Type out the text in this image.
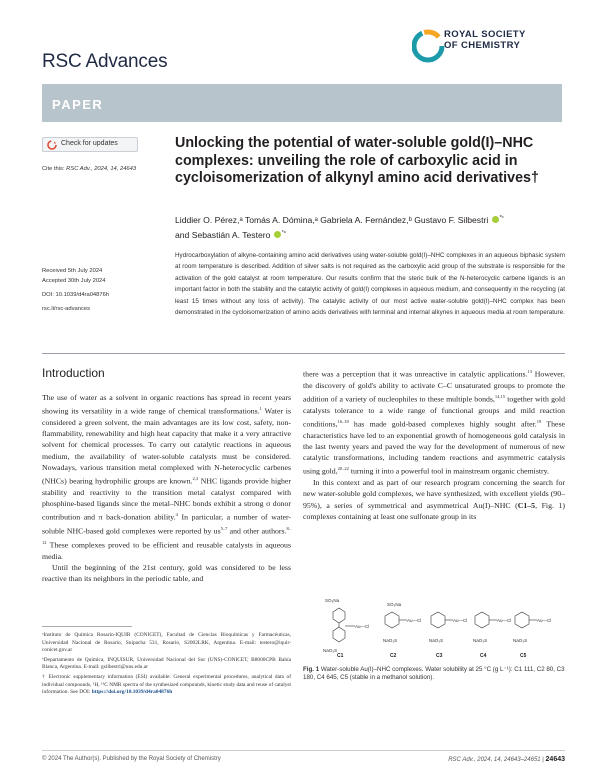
RSC Advances
ROYAL SOCIETY
OF CHEMISTRY
PAPER
Check for updates
Cite this: RSC Adv., 2024, 14, 24643
Unlocking the potential of water-soluble gold(I)–NHC complexes: unveiling the role of carboxylic acid in cycloisomerization of alkynyl amino acid derivatives†
Liddier O. Pérez,ᵃ Tomás A. Dómina,ᵃ Gabriela A. Fernández,ᵇ Gustavo F. Silbestri $^{*ᵇ}$
and Sebastián A. Testero $^{*ᵃ}$
Hydrocarboxylation of alkyne-containing amino acid derivatives using water-soluble gold(I)–NHC complexes in an aqueous biphasic system at room temperature is described. Addition of silver salts is not required as the carboxylic acid group of the substrate is responsible for the activation of the gold catalyst at room temperature. Our results confirm that the steric bulk of the N-heterocyclic carbene ligands is an important factor in both the stability and the catalytic activity of gold(I) complexes in aqueous medium, and consequently in the recycling (at least 15 times without any loss of activity). The catalytic activity of our most active water-soluble gold(I)–NHC complex has been demonstrated in the cycloisomerization of amino acids derivatives with terminal and internal alkynes in aqueous media at room temperature.
Received 5th July 2024
Accepted 30th July 2024
DOI: 10.1039/d4ra04876h
rsc.li/rsc-advances
Introduction

The use of water as a solvent in organic reactions has spread in recent years showing its versatility in a wide range of chemical transformations.$^1$ Water is considered a green solvent, the main advantages are its low cost, safety, non-flammability, renewability and high heat capacity that make it a very attractive solvent for chemical processes. To carry out catalytic reactions in aqueous medium, the availability of water-soluble catalysts must be considered. Nowadays, various transition metal complexed with N-heterocyclic carbenes (NHCs) bearing hydrophilic groups are known.$^{2,3}$ NHC ligands provide higher stability and reactivity to the transition metal catalyst compared with phosphine-based ligands since the metal–NHC bonds exhibit a strong σ donor contribution and π back-donation ability.$^4$ In particular, a number of water-soluble NHC-based gold complexes were reported by $us^{5-7}$ and other authors.$^{8-12}$ These complexes proved to be efficient and reusable catalysts in aqueous media.

Until the beginning of the 21st century, gold was considered to be less reactive than its neighbors in the periodic table, and

there was a perception that it was unreactive in catalytic applications.$^{13}$ However, the discovery of gold's ability to activate C–C unsaturated groups to promote the addition of a variety of nucleophiles to these multiple bonds,$^{14,15}$ together with gold catalysts tolerance to a wide range of functional groups and mild reaction conditions,$^{16-18}$ has made gold-based complexes highly sought after.$^{19}$ These characteristics have led to an exponential growth of homogeneous gold catalysis in the last twenty years and paved the way for the development of numerous of new catalytic transformations, including tandem reactions and asymmetric catalysis using gold,$^{20-22}$ turning it into a powerful tool in mainstream organic chemistry.

In this context and as part of our research program concerning the search for new water-soluble gold complexes, we have synthesized, with excellent yields (90–95%), a series of symmetrical and asymmetrical Au(I)–NHC (C1–5, Fig. 1) complexes containing at least one sulfonate group in its

ᵃInstituto de Química Rosario-IQUIR (CONICET), Facultad de Ciencias Bioquímicas y Farmacéuticas, Universidad Nacional de Rosario, Suipacha 531, Rosario, S2002LRK, Argentina. E-mail: testero@iquir-conicet.gov.ar

ᵇDepartamento de Química, INQUISUR, Universidad Nacional del Sur (UNS)-CONICET, B8000CPB Bahía Blanca, Argentina. E-mail: gsilbestri@uns.edu.ar

† Electronic supplementary information (ESI) available: General experimental procedures, analytical data of individual compounds, ¹H, ¹³C NMR spectra of the synthesized compounds, kinetic study data and reuse of catalyst information. See DOI: https://doi.org/10.1039/d4ra04876h

SO₃Na
Au—Cl
NaO₃S
SO₃Na
Au—Cl
NaO₃S
Au—Cl
NaO₃S
Au—Cl
NaO₃S
Au—Cl
NaO₃S
C1	C2	C3	C4	C5
Fig. 1 Water-soluble Au(I)–NHC complexes. Water solubility at 25 °C (g L⁻¹): C1 111, C2 80, C3 180, C4 645, C5 (stable in a methanol solution).
© 2024 The Author(s). Published by the Royal Society of Chemistry	RSC Adv., 2024, 14, 24643–24651 | 24643
